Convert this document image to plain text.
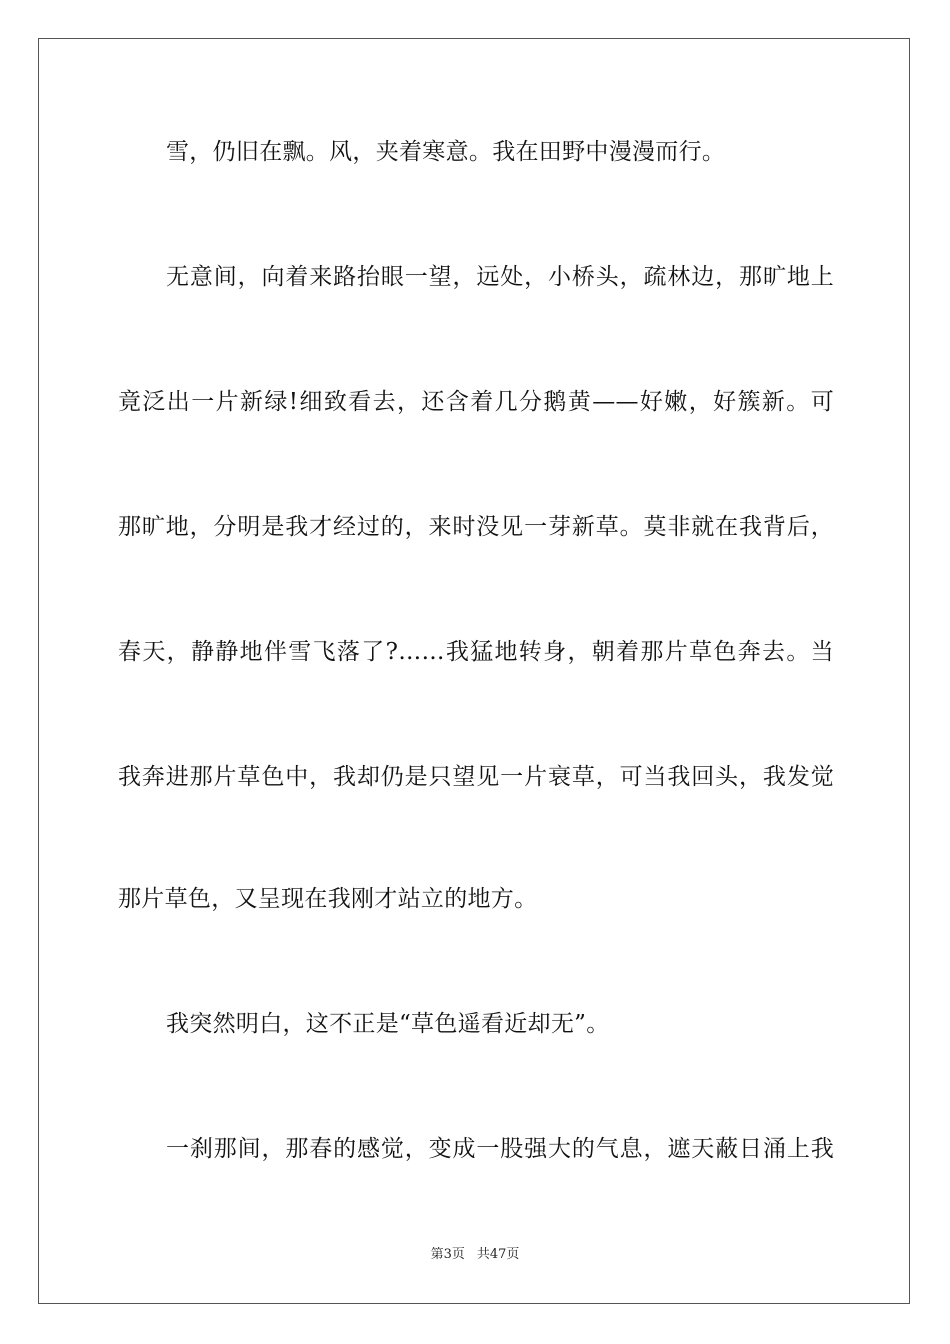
雪，仍旧在飘。风，夹着寒意。我在田野中漫漫而行。

无意间，向着来路抬眼一望，远处，小桥头，疏林边，那旷地上

竟泛出一片新绿!细致看去，还含着几分鹅黄——好嫩，好簇新。可

那旷地，分明是我才经过的，来时没见一芽新草。莫非就在我背后，

春天，静静地伴雪飞落了?……我猛地转身，朝着那片草色奔去。当

我奔进那片草色中，我却仍是只望见一片衰草，可当我回头，我发觉

那片草色，又呈现在我刚才站立的地方。

我突然明白，这不正是“草色遥看近却无”。

一刹那间，那春的感觉，变成一股强大的气息，遮天蔽日涌上我

第3页 共47页
